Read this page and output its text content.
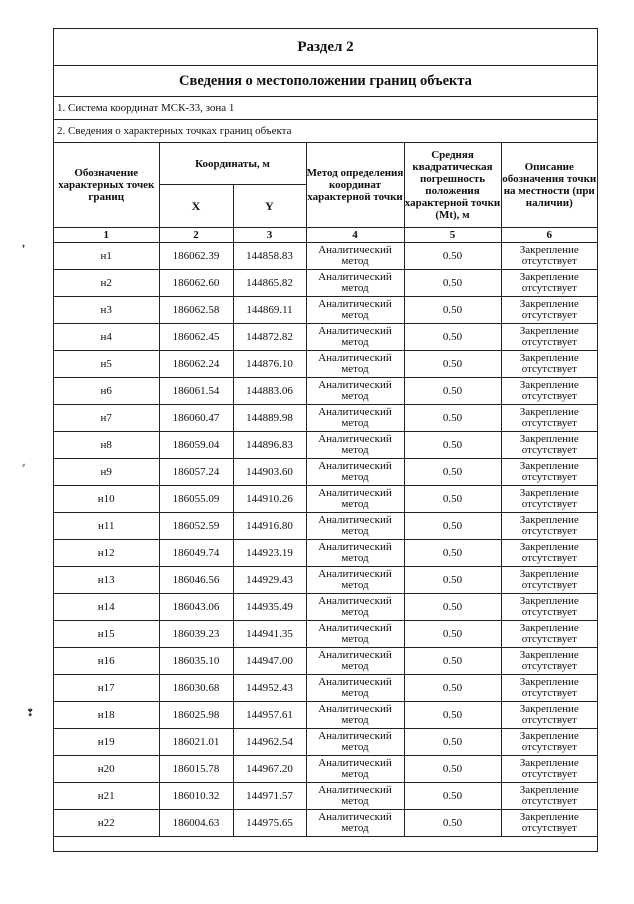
❜
⸗
❢
Раздел 2
Сведения о местоположении границ объекта
1. Система координат МСК-33, зона 1
2. Сведения о характерных точках границ объекта
Обозначение характерных точек границ	Координаты, м		Метод определения координат характерной точки	Средняя квадратическая погрешность положения характерной точки (Mt), м	Описание обозначения точки на местности (при наличии)
	X	Y			
1	2	3	4	5	6
н1	186062.39	144858.83	Аналитический метод	0.50	Закрепление отсутствует
н2	186062.60	144865.82	Аналитический метод	0.50	Закрепление отсутствует
н3	186062.58	144869.11	Аналитический метод	0.50	Закрепление отсутствует
н4	186062.45	144872.82	Аналитический метод	0.50	Закрепление отсутствует
н5	186062.24	144876.10	Аналитический метод	0.50	Закрепление отсутствует
н6	186061.54	144883.06	Аналитический метод	0.50	Закрепление отсутствует
н7	186060.47	144889.98	Аналитический метод	0.50	Закрепление отсутствует
н8	186059.04	144896.83	Аналитический метод	0.50	Закрепление отсутствует
н9	186057.24	144903.60	Аналитический метод	0.50	Закрепление отсутствует
н10	186055.09	144910.26	Аналитический метод	0.50	Закрепление отсутствует
н11	186052.59	144916.80	Аналитический метод	0.50	Закрепление отсутствует
н12	186049.74	144923.19	Аналитический метод	0.50	Закрепление отсутствует
н13	186046.56	144929.43	Аналитический метод	0.50	Закрепление отсутствует
н14	186043.06	144935.49	Аналитический метод	0.50	Закрепление отсутствует
н15	186039.23	144941.35	Аналитический метод	0.50	Закрепление отсутствует
н16	186035.10	144947.00	Аналитический метод	0.50	Закрепление отсутствует
н17	186030.68	144952.43	Аналитический метод	0.50	Закрепление отсутствует
н18	186025.98	144957.61	Аналитический метод	0.50	Закрепление отсутствует
н19	186021.01	144962.54	Аналитический метод	0.50	Закрепление отсутствует
н20	186015.78	144967.20	Аналитический метод	0.50	Закрепление отсутствует
н21	186010.32	144971.57	Аналитический метод	0.50	Закрепление отсутствует
н22	186004.63	144975.65	Аналитический метод	0.50	Закрепление отсутствует
